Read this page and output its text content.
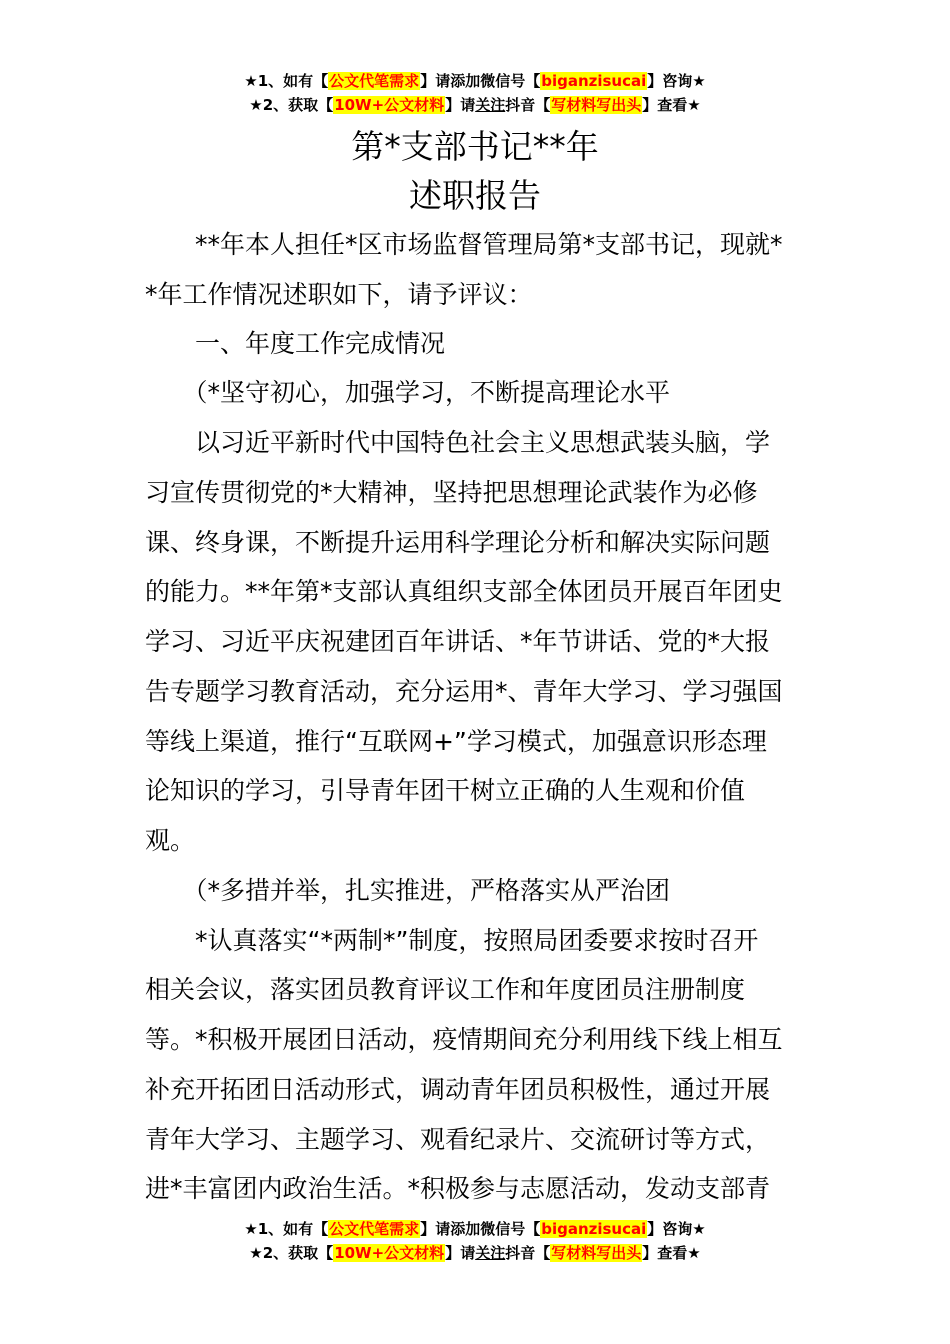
★1、如有【公文代笔需求】请添加微信号【biganzisucai】咨询★
★2、获取【10W+公文材料】请关注抖音【写材料写出头】查看★
第*支部书记**年
述职报告
　　**年本人担任*区市场监督管理局第*支部书记，现就*
*年工作情况述职如下，请予评议：
　　一、年度工作完成情况
　　（*坚守初心，加强学习，不断提高理论水平
　　以习近平新时代中国特色社会主义思想武装头脑，学
习宣传贯彻党的*大精神，坚持把思想理论武装作为必修
课、终身课，不断提升运用科学理论分析和解决实际问题
的能力。**年第*支部认真组织支部全体团员开展百年团史
学习、习近平庆祝建团百年讲话、*年节讲话、党的*大报
告专题学习教育活动，充分运用*、青年大学习、学习强国
等线上渠道，推行“互联网+”学习模式，加强意识形态理
论知识的学习，引导青年团干树立正确的人生观和价值
观。
　　（*多措并举，扎实推进，严格落实从严治团
　　*认真落实“*两制*”制度，按照局团委要求按时召开
相关会议，落实团员教育评议工作和年度团员注册制度
等。*积极开展团日活动，疫情期间充分利用线下线上相互
补充开拓团日活动形式，调动青年团员积极性，通过开展
青年大学习、主题学习、观看纪录片、交流研讨等方式，
进*丰富团内政治生活。*积极参与志愿活动，发动支部青
★1、如有【公文代笔需求】请添加微信号【biganzisucai】咨询★
★2、获取【10W+公文材料】请关注抖音【写材料写出头】查看★
